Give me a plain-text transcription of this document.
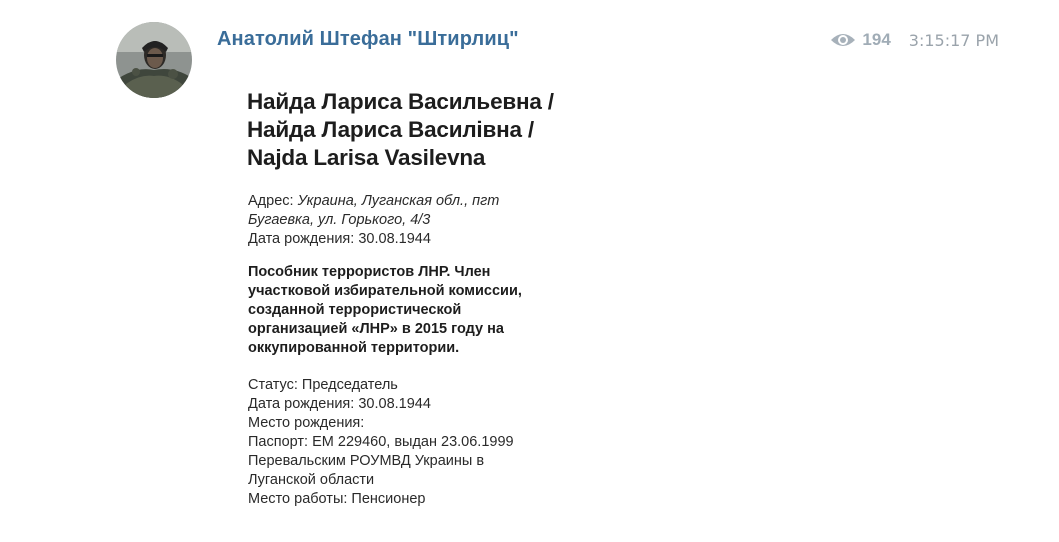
Анатолий Штефан "Штирлиц"	194 3:15:17 PM
Найда Лариса Васильевна /
Найда Лариса Василівна /
Najda Larisa Vasilevna
Адрес: Украина, Луганская обл., пгт
Бугаевка, ул. Горького, 4/3
Дата рождения: 30.08.1944
Пособник террористов ЛНР. Член
участковой избирательной комиссии,
созданной террористической
организацией «ЛНР» в 2015 году на
оккупированной территории.
Статус: Председатель
Дата рождения: 30.08.1944
Место рождения:
Паспорт: ЕМ 229460, выдан 23.06.1999
Перевальским РОУМВД Украины в
Луганской области
Место работы: Пенсионер
